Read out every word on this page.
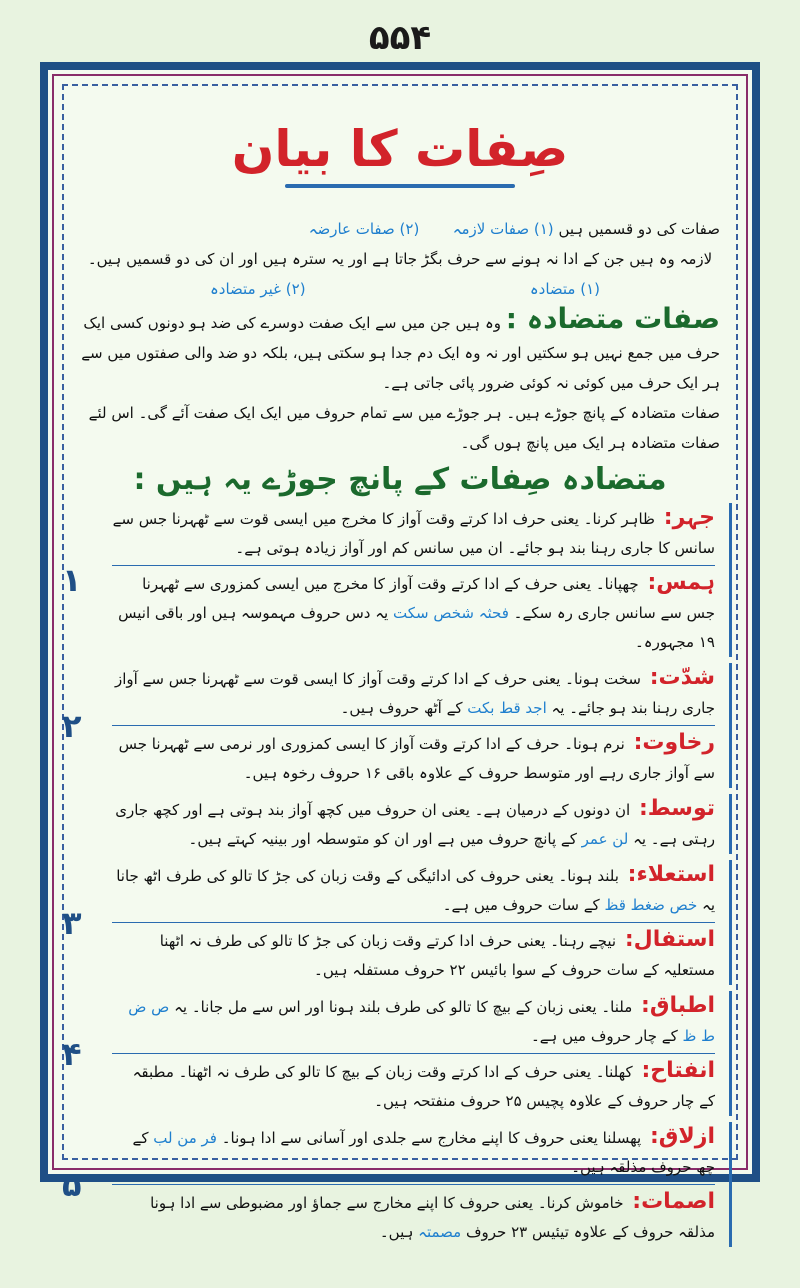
۵۵۴
صِفات کا بیان
صفات کی دو قسمیں ہیں (۱) صفات لازمہ       (۲) صفات عارضہ
لازمہ وہ ہیں جن کے ادا نہ ہونے سے حرف بگڑ جاتا ہے اور یہ سترہ ہیں اور ان کی دو قسمیں ہیں۔
(۱) متضادہ
(۲) غیر متضادہ
صفات متضادہ : وہ ہیں جن میں سے ایک صفت دوسرے کی ضد ہو دونوں کسی ایک حرف میں جمع نہیں ہو سکتیں اور نہ وہ ایک دم جدا ہو سکتی ہیں، بلکہ دو ضد والی صفتوں میں سے ہر ایک حرف میں کوئی نہ کوئی ضرور پائی جاتی ہے۔
صفات متضادہ کے پانچ جوڑے ہیں۔ ہر جوڑے میں سے تمام حروف میں ایک ایک صفت آئے گی۔ اس لئے صفات متضادہ ہر ایک میں پانچ ہوں گی۔
متضادہ صِفات کے پانچ جوڑے یہ ہیں :
۱

جہر: ظاہر کرنا۔ یعنی حرف ادا کرتے وقت آواز کا مخرج میں ایسی قوت سے ٹھہرنا جس سے سانس کا جاری رہنا بند ہو جائے۔ ان میں سانس کم اور آواز زیادہ ہوتی ہے۔

ہمس: چھپانا۔ یعنی حرف کے ادا کرتے وقت آواز کا مخرج میں ایسی کمزوری سے ٹھہرنا جس سے سانس جاری رہ سکے۔ فحثہ شخص سکت یہ دس حروف مہموسہ ہیں اور باقی انیس ۱۹ مجہورہ۔

۲

شدّت: سخت ہونا۔ یعنی حرف کے ادا کرتے وقت آواز کا ایسی قوت سے ٹھہرنا جس سے آواز جاری رہنا بند ہو جائے۔ یہ اجد قط بکت کے آٹھ حروف ہیں۔

رخاوت: نرم ہونا۔ حرف کے ادا کرتے وقت آواز کا ایسی کمزوری اور نرمی سے ٹھہرنا جس سے آواز جاری رہے اور متوسط حروف کے علاوہ باقی ۱۶ حروف رخوہ ہیں۔

توسط: ان دونوں کے درمیان ہے۔ یعنی ان حروف میں کچھ آواز بند ہوتی ہے اور کچھ جاری رہتی ہے۔ یہ لن عمر کے پانچ حروف میں ہے اور ان کو متوسطہ اور بینیہ کہتے ہیں۔

۳

استعلاء: بلند ہونا۔ یعنی حروف کی ادائیگی کے وقت زبان کی جڑ کا تالو کی طرف اٹھ جانا یہ خص ضغط قظ کے سات حروف میں ہے۔

استفال: نیچے رہنا۔ یعنی حرف ادا کرتے وقت زبان کی جڑ کا تالو کی طرف نہ اٹھنا مستعلیہ کے سات حروف کے سوا بائیس ۲۲ حروف مستفلہ ہیں۔

۴

اطباق: ملنا۔ یعنی زبان کے بیچ کا تالو کی طرف بلند ہونا اور اس سے مل جانا۔ یہ ص ض ط ظ کے چار حروف میں ہے۔

انفتاح: کھلنا۔ یعنی حرف کے ادا کرتے وقت زبان کے بیچ کا تالو کی طرف نہ اٹھنا۔ مطبقہ کے چار حروف کے علاوہ پچیس ۲۵ حروف منفتحہ ہیں۔

۵

ازلاق: پھسلنا یعنی حروف کا اپنے مخارج سے جلدی اور آسانی سے ادا ہونا۔ فر من لب کے چھ حروف مذلقہ ہیں۔

اصمات: خاموش کرنا۔ یعنی حروف کا اپنے مخارج سے جماؤ اور مضبوطی سے ادا ہونا مذلقہ حروف کے علاوہ تیئیس ۲۳ حروف مصمتہ ہیں۔
